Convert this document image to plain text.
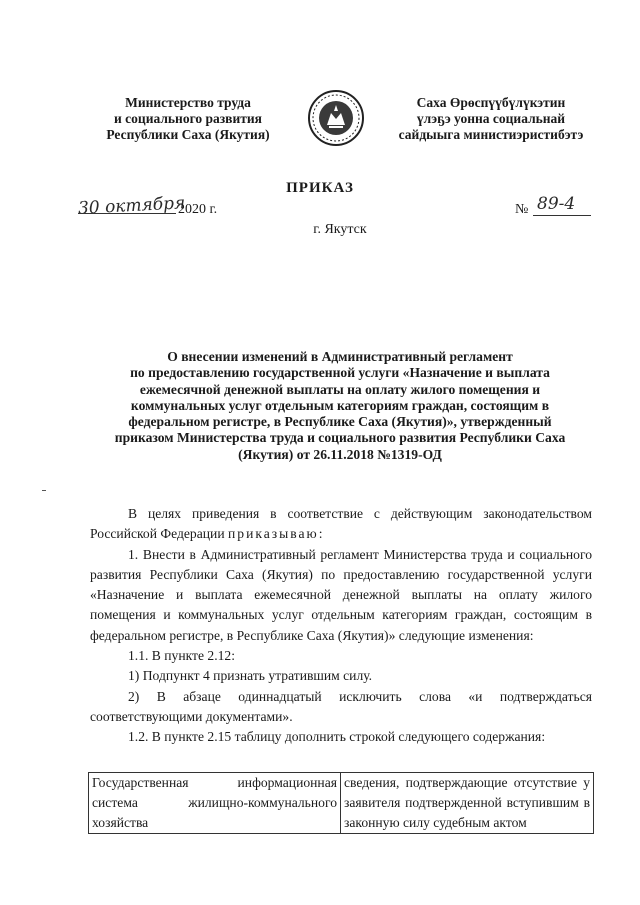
Министерство труда
и социального развития
Республики Саха (Якутия)
Саха Өрөспүүбүлүкэтин
үлэҕэ уонна социальнай
сайдыыга министиэристибэтэ
ПРИКАЗ
30 октября
2020 г.	№ 89-4
г. Якутск
О внесении изменений в Административный регламент
по предоставлению государственной услуги «Назначение и выплата
ежемесячной денежной выплаты на оплату жилого помещения и
коммунальных услуг отдельным категориям граждан, состоящим в
федеральном регистре, в Республике Саха (Якутия)», утвержденный
приказом Министерства труда и социального развития Республики Саха
(Якутия) от 26.11.2018 №1319-ОД

В целях приведения в соответствие с действующим законодательством Российской Федерации приказываю:

1. Внести в Административный регламент Министерства труда и социального развития Республики Саха (Якутия) по предоставлению государственной услуги «Назначение и выплата ежемесячной денежной выплаты на оплату жилого помещения и коммунальных услуг отдельным категориям граждан, состоящим в федеральном регистре, в Республике Саха (Якутия)» следующие изменения:

1.1. В пункте 2.12:

1) Подпункт 4 признать утратившим силу.

2) В абзаце одиннадцатый исключить слова «и подтверждаться соответствующими документами».

1.2. В пункте 2.15 таблицу дополнить строкой следующего содержания:

Государственная информационная система жилищно-коммунального хозяйства	сведения, подтверждающие отсутствие у заявителя подтвержденной вступившим в законную силу судебным актом
